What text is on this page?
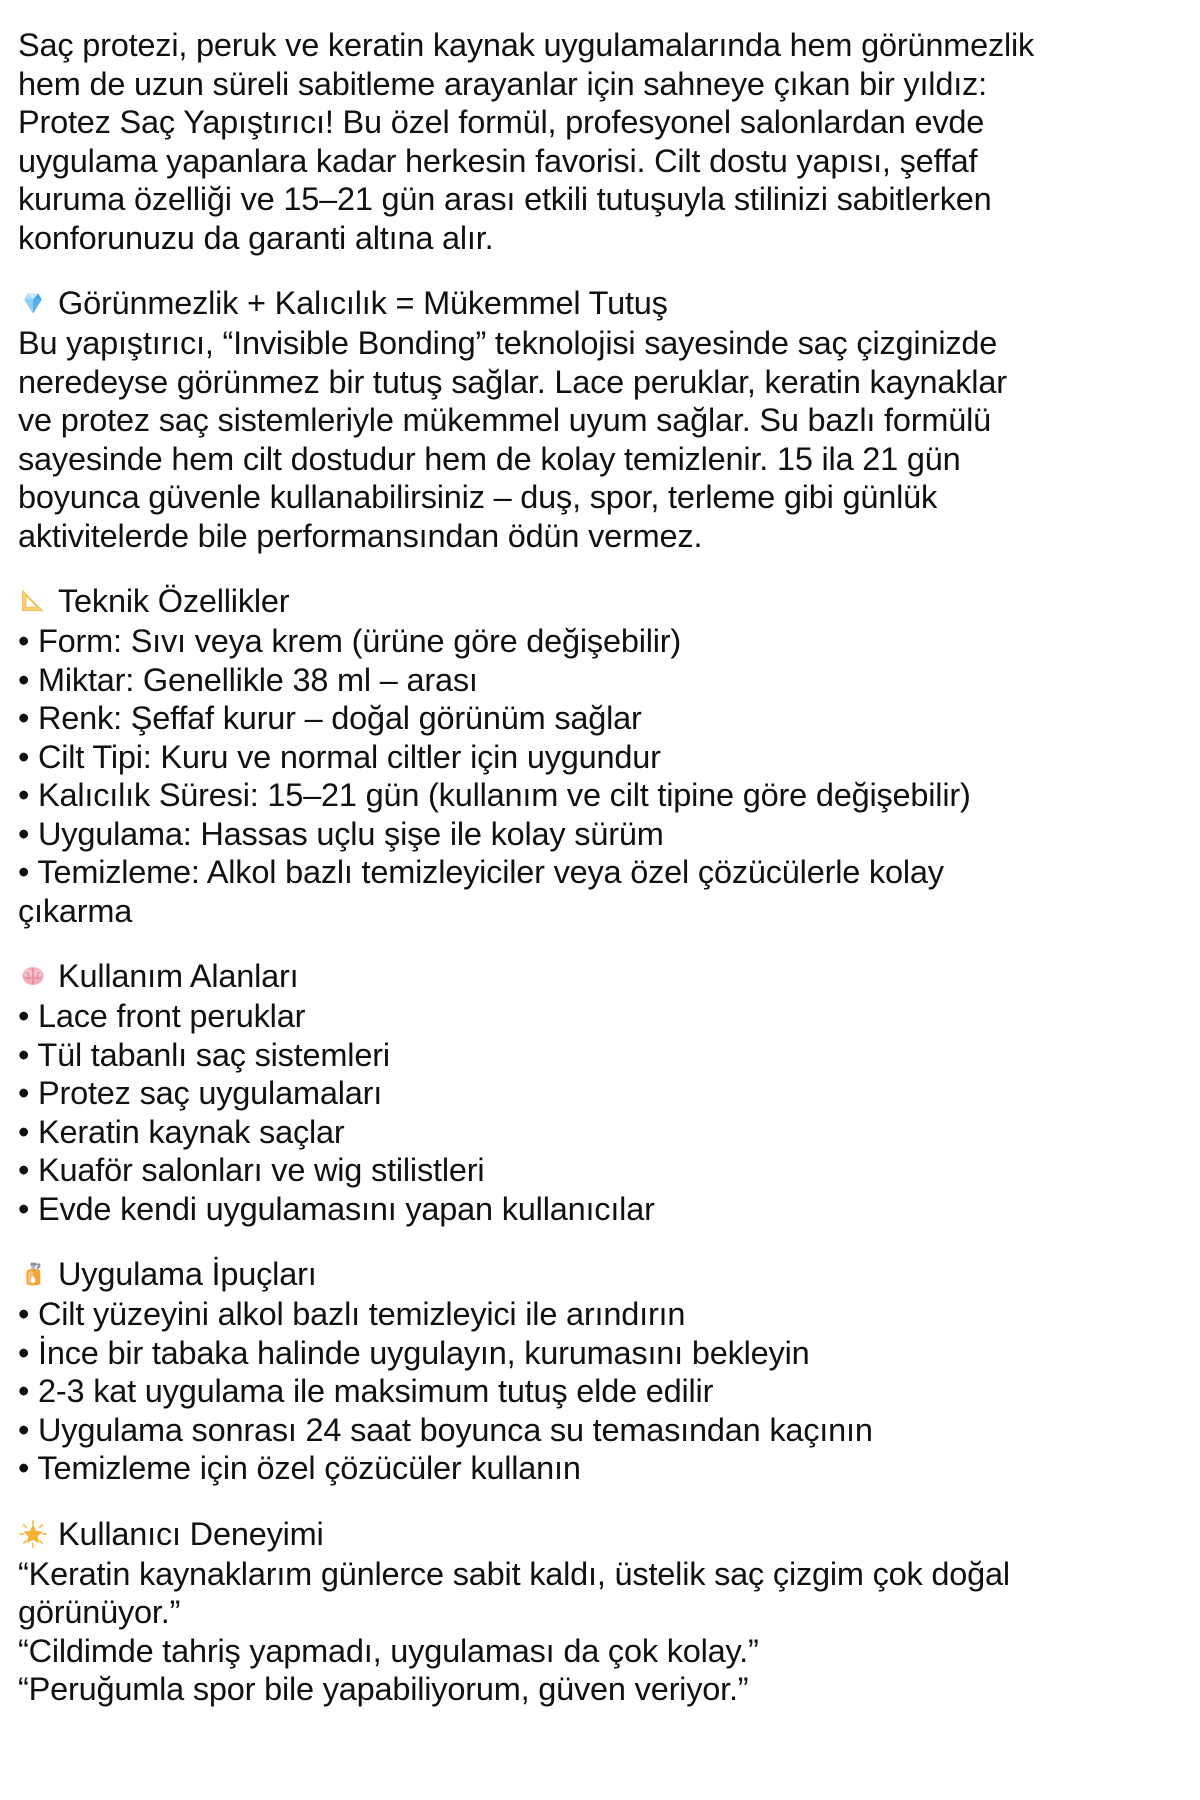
Saç protezi, peruk ve keratin kaynak uygulamalarında hem görünmezlik hem de uzun süreli sabitleme arayanlar için sahneye çıkan bir yıldız: Protez Saç Yapıştırıcı! Bu özel formül, profesyonel salonlardan evde uygulama yapanlara kadar herkesin favorisi. Cilt dostu yapısı, şeffaf kuruma özelliği ve 15–21 gün arası etkili tutuşuyla stilinizi sabitlerken konforunuzu da garanti altına alır.

Görünmezlik + Kalıcılık = Mükemmel Tutuş

Bu yapıştırıcı, “Invisible Bonding” teknolojisi sayesinde saç çizginizde neredeyse görünmez bir tutuş sağlar. Lace peruklar, keratin kaynaklar ve protez saç sistemleriyle mükemmel uyum sağlar. Su bazlı formülü sayesinde hem cilt dostudur hem de kolay temizlenir. 15 ila 21 gün boyunca güvenle kullanabilirsiniz – duş, spor, terleme gibi günlük aktivitelerde bile performansından ödün vermez.

Teknik Özellikler

• Form: Sıvı veya krem (ürüne göre değişebilir)

• Miktar: Genellikle 38 ml – arası

• Renk: Şeffaf kurur – doğal görünüm sağlar

• Cilt Tipi: Kuru ve normal ciltler için uygundur

• Kalıcılık Süresi: 15–21 gün (kullanım ve cilt tipine göre değişebilir)

• Uygulama: Hassas uçlu şişe ile kolay sürüm

• Temizleme: Alkol bazlı temizleyiciler veya özel çözücülerle kolay çıkarma

Kullanım Alanları

• Lace front peruklar

• Tül tabanlı saç sistemleri

• Protez saç uygulamaları

• Keratin kaynak saçlar

• Kuaför salonları ve wig stilistleri

• Evde kendi uygulamasını yapan kullanıcılar

Uygulama İpuçları

• Cilt yüzeyini alkol bazlı temizleyici ile arındırın

• İnce bir tabaka halinde uygulayın, kurumasını bekleyin

• 2-3 kat uygulama ile maksimum tutuş elde edilir

• Uygulama sonrası 24 saat boyunca su temasından kaçının

• Temizleme için özel çözücüler kullanın

Kullanıcı Deneyimi

“Keratin kaynaklarım günlerce sabit kaldı, üstelik saç çizgim çok doğal görünüyor.”

“Cildimde tahriş yapmadı, uygulaması da çok kolay.”

“Peruğumla spor bile yapabiliyorum, güven veriyor.”
